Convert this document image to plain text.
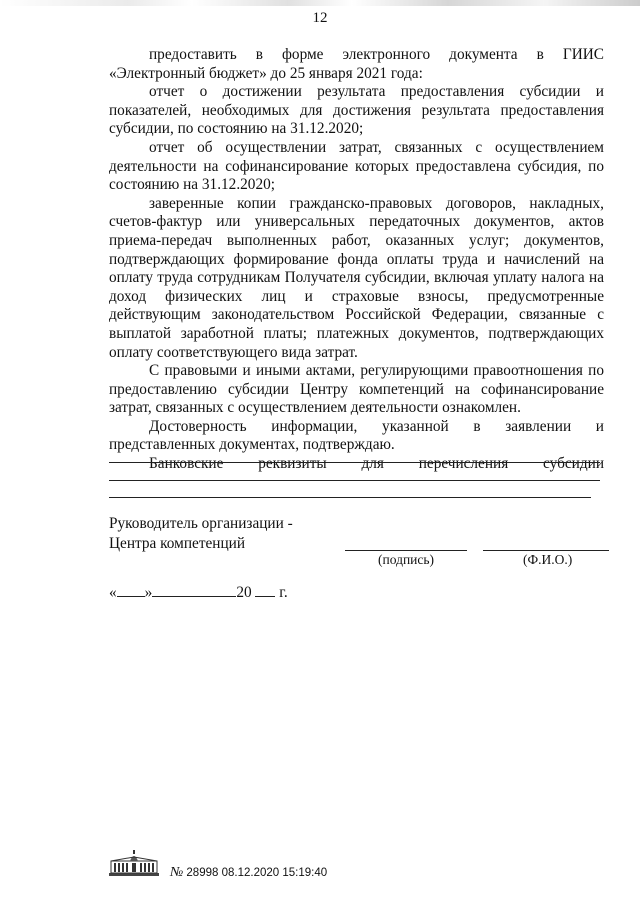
12

предоставить в форме электронного документа в ГИИС «Электронный бюджет» до 25 января 2021 года:

отчет о достижении результата предоставления субсидии и показателей, необходимых для достижения результата предоставления субсидии, по состоянию на 31.12.2020;

отчет об осуществлении затрат, связанных с осуществлением деятельности на софинансирование которых предоставлена субсидия, по состоянию на 31.12.2020;

заверенные копии гражданско-правовых договоров, накладных, счетов-фактур или универсальных передаточных документов, актов приема-передач выполненных работ, оказанных услуг; документов, подтверждающих формирование фонда оплаты труда и начислений на оплату труда сотрудникам Получателя субсидии, включая уплату налога на доход физических лиц и страховые взносы, предусмотренные действующим законодательством Российской Федерации, связанные с выплатой заработной платы; платежных документов, подтверждающих оплату соответствующего вида затрат.

С правовыми и иными актами, регулирующими правоотношения по предоставлению субсидии Центру компетенций на софинансирование затрат, связанных с осуществлением деятельности ознакомлен.

Достоверность информации, указанной в заявлении и представленных документах, подтверждаю.

Банковские реквизиты для перечисления субсидии

Руководитель организации -
Центра компетенций
(подпись)	(Ф.И.О.)
« »	20 г.
№ 28998 08.12.2020 15:19:40
